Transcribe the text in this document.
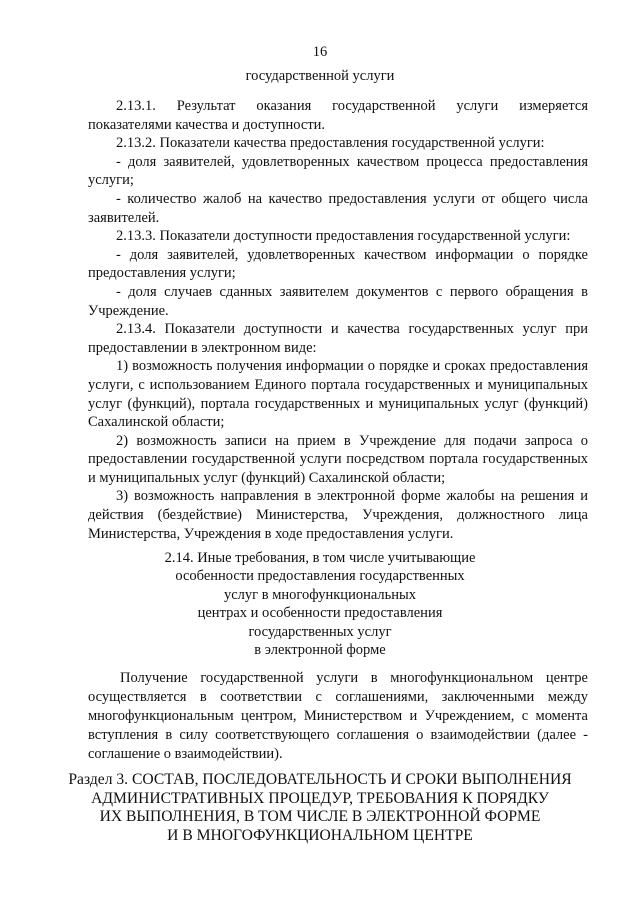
16
государственной услуги

2.13.1. Результат оказания государственной услуги измеряется показателями качества и доступности.

2.13.2. Показатели качества предоставления государственной услуги:

- доля заявителей, удовлетворенных качеством процесса предоставления услуги;

- количество жалоб на качество предоставления услуги от общего числа заявителей.

2.13.3. Показатели доступности предоставления государственной услуги:

- доля заявителей, удовлетворенных качеством информации о порядке предоставления услуги;

- доля случаев сданных заявителем документов с первого обращения в Учреждение.

2.13.4. Показатели доступности и качества государственных услуг при предоставлении в электронном виде:

1) возможность получения информации о порядке и сроках предоставления услуги, с использованием Единого портала государственных и муниципальных услуг (функций), портала государственных и муниципальных услуг (функций) Сахалинской области;

2) возможность записи на прием в Учреждение для подачи запроса о предоставлении государственной услуги посредством портала государственных и муниципальных услуг (функций) Сахалинской области;

3) возможность направления в электронной форме жалобы на решения и действия (бездействие) Министерства, Учреждения, должностного лица Министерства, Учреждения в ходе предоставления услуги.

2.14. Иные требования, в том числе учитывающие
особенности предоставления государственных
услуг в многофункциональных
центрах и особенности предоставления
государственных услуг
в электронной форме

Получение государственной услуги в многофункциональном центре осуществляется в соответствии с соглашениями, заключенными между многофункциональным центром, Министерством и Учреждением, с момента вступления в силу соответствующего соглашения о взаимодействии (далее - соглашение о взаимодействии).

Раздел 3. СОСТАВ, ПОСЛЕДОВАТЕЛЬНОСТЬ И СРОКИ ВЫПОЛНЕНИЯ
АДМИНИСТРАТИВНЫХ ПРОЦЕДУР, ТРЕБОВАНИЯ К ПОРЯДКУ
ИХ ВЫПОЛНЕНИЯ, В ТОМ ЧИСЛЕ В ЭЛЕКТРОННОЙ ФОРМЕ
И В МНОГОФУНКЦИОНАЛЬНОМ ЦЕНТРЕ
